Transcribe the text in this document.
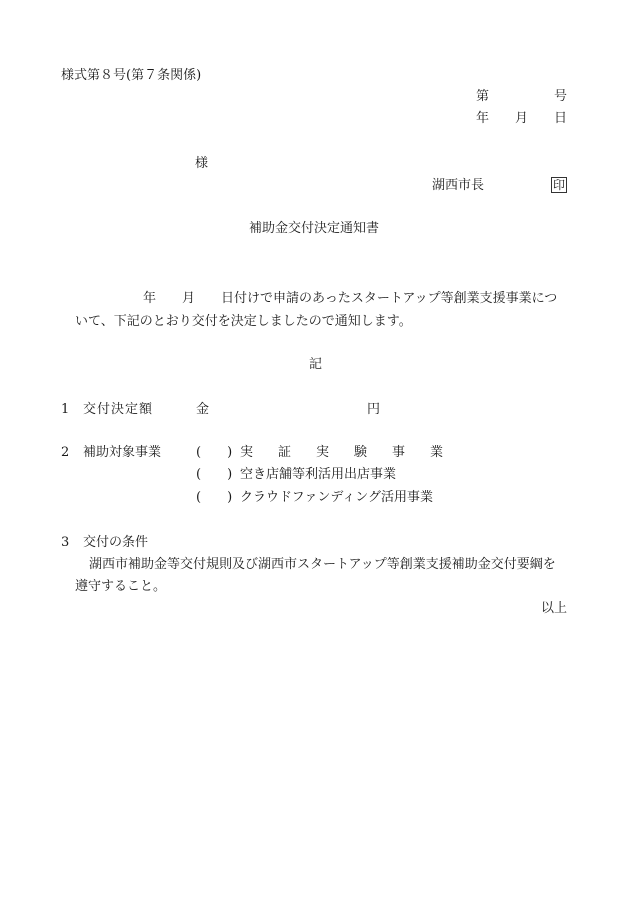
様式第８号(第７条関係)
第	号
年 月 日
様
湖西市長	印
補助金交付決定通知書
年 月 日付けで申請のあったスタートアップ等創業支援事業につ
いて、下記のとおり交付を決定しましたので通知します。
記
1 交付決定額	金	円
2 補助対象事業	(　　) 実 証 実 験 事 業
(　　) 空き店舗等利活用出店事業
(　　) クラウドファンディング活用事業
3 交付の条件
湖西市補助金等交付規則及び湖西市スタートアップ等創業支援補助金交付要綱を
遵守すること。
以上
